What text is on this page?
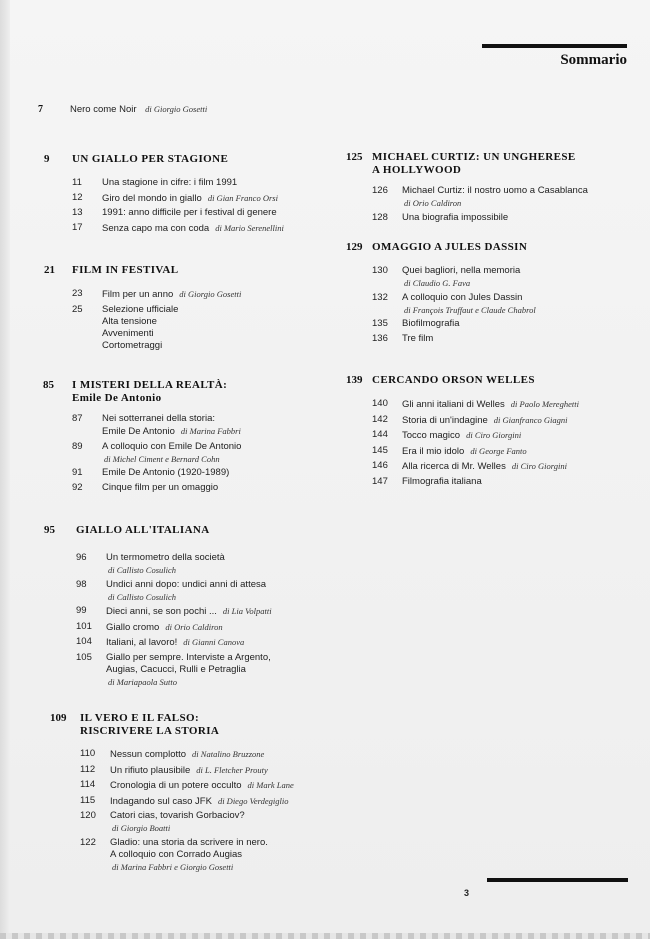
Sommario
7	Nero come Noir di Giorgio Gosetti
9 UN GIALLO PER STAGIONE
11 Una stagione in cifre: i film 1991
12 Giro del mondo in giallo di Gian Franco Orsi
13 1991: anno difficile per i festival di genere
17 Senza capo ma con coda di Mario Serenellini
21 FILM IN FESTIVAL
23 Film per un anno di Giorgio Gosetti
25 Selezione ufficiale
Alta tensione
Avvenimenti
Cortometraggi
85 I MISTERI DELLA REALTÀ:
Emile De Antonio
87 Nei sotterranei della storia:
Emile De Antonio di Marina Fabbri
89 A colloquio con Emile De Antonio
di Michel Ciment e Bernard Cohn
91 Emile De Antonio (1920-1989)
92 Cinque film per un omaggio
95 GIALLO ALL'ITALIANA
96 Un termometro della società
di Callisto Cosulich
98 Undici anni dopo: undici anni di attesa
di Callisto Cosulich
99 Dieci anni, se son pochi ... di Lia Volpatti
101 Giallo cromo di Orio Caldiron
104 Italiani, al lavoro! di Gianni Canova
105 Giallo per sempre. Interviste a Argento,
Augias, Cacucci, Rulli e Petraglia
di Mariapaola Sutto
109 IL VERO E IL FALSO:
RISCRIVERE LA STORIA
110 Nessun complotto di Natalino Bruzzone
112 Un rifiuto plausibile di L. Fletcher Prouty
114 Cronologia di un potere occulto di Mark Lane
115 Indagando sul caso JFK di Diego Verdegiglio
120 Catori cias, tovarish Gorbaciov?
di Giorgio Boatti
122 Gladio: una storia da scrivere in nero.
A colloquio con Corrado Augias
di Marina Fabbri e Giorgio Gosetti
125 MICHAEL CURTIZ: UN UNGHERESE
A HOLLYWOOD
126 Michael Curtiz: il nostro uomo a Casablanca
di Orio Caldiron
128 Una biografia impossibile
129 OMAGGIO A JULES DASSIN
130 Quei bagliori, nella memoria
di Claudio G. Fava
132 A colloquio con Jules Dassin
di François Truffaut e Claude Chabrol
135 Biofilmografia
136 Tre film
139 CERCANDO ORSON WELLES
140 Gli anni italiani di Welles di Paolo Mereghetti
142 Storia di un'indagine di Gianfranco Giagni
144 Tocco magico di Ciro Giorgini
145 Era il mio idolo di George Fanto
146 Alla ricerca di Mr. Welles di Ciro Giorgini
147 Filmografia italiana
3
